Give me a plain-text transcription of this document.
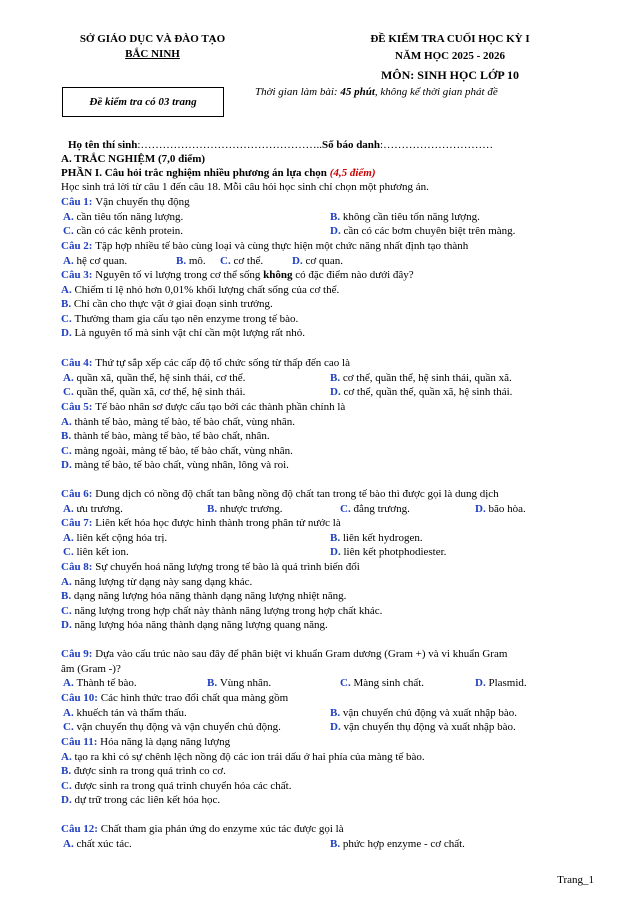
SỞ GIÁO DỤC VÀ ĐÀO TẠO
BẮC NINH
Đề kiểm tra có 03 trang
ĐỀ KIỂM TRA CUỐI HỌC KỲ I
NĂM HỌC 2025 - 2026
MÔN: SINH HỌC LỚP 10
Thời gian làm bài: 45 phút, không kể thời gian phát đề
Họ tên thí sinh:…………………………………………..Số báo danh:…………………………
A. TRẮC NGHIỆM (7,0 điểm)
PHẦN I. Câu hỏi trắc nghiệm nhiều phương án lựa chọn (4,5 điểm)
Học sinh trả lời từ câu 1 đến câu 18. Mỗi câu hỏi học sinh chỉ chọn một phương án.
Câu 1: Vận chuyển thụ động
A. cần tiêu tốn năng lượng.	B. không cần tiêu tốn năng lượng.
C. cần có các kênh protein.	D. cần có các bơm chuyên biệt trên màng.
Câu 2: Tập hợp nhiều tế bào cùng loại và cùng thực hiện một chức năng nhất định tạo thành
A. hệ cơ quan.	B. mô. C. cơ thể.	D. cơ quan.
Câu 3: Nguyên tố vi lượng trong cơ thể sống không có đặc điểm nào dưới đây?
A. Chiếm tỉ lệ nhỏ hơn 0,01% khối lượng chất sống của cơ thể.
B. Chỉ cần cho thực vật ở giai đoạn sinh trưởng.
C. Thường tham gia cấu tạo nên enzyme trong tế bào.
D. Là nguyên tố mà sinh vật chỉ cần một lượng rất nhỏ.
Câu 4: Thứ tự sắp xếp các cấp độ tổ chức sống từ thấp đến cao là
A. quần xã, quần thể, hệ sinh thái, cơ thể.	B. cơ thể, quần thể, hệ sinh thái, quần xã.
C. quần thể, quần xã, cơ thể, hệ sinh thái.	D. cơ thể, quần thể, quần xã, hệ sinh thái.
Câu 5: Tế bào nhân sơ được cấu tạo bởi các thành phần chính là
A. thành tế bào, màng tế bào, tế bào chất, vùng nhân.
B. thành tế bào, màng tế bào, tế bào chất, nhân.
C. màng ngoài, màng tế bào, tế bào chất, vùng nhân.
D. màng tế bào, tế bào chất, vùng nhân, lông và roi.
Câu 6: Dung dịch có nồng độ chất tan bằng nồng độ chất tan trong tế bào thì được gọi là dung dịch
A. ưu trương.	B. nhược trương.	C. đẳng trương.	D. bão hòa.
Câu 7: Liên kết hóa học được hình thành trong phân tử nước là
A. liên kết cộng hóa trị.	B. liên kết hydrogen.
C. liên kết ion.	D. liên kết photphodiester.
Câu 8: Sự chuyển hoá năng lượng trong tế bào là quá trình biến đổi
A. năng lượng từ dạng này sang dạng khác.
B. dạng năng lượng hóa năng thành dạng năng lượng nhiệt năng.
C. năng lượng trong hợp chất này thành năng lượng trong hợp chất khác.
D. năng lượng hóa năng thành dạng năng lượng quang năng.
Câu 9: Dựa vào cấu trúc nào sau đây để phân biệt vi khuẩn Gram dương (Gram +) và vi khuẩn Gram
âm (Gram -)?
A. Thành tế bào.	B. Vùng nhân.	C. Màng sinh chất.	D. Plasmid.
Câu 10: Các hình thức trao đổi chất qua màng gồm
A. khuếch tán và thẩm thấu.	B. vận chuyển chủ động và xuất nhập bào.
C. vận chuyển thụ động và vận chuyển chủ động.	D. vận chuyển thụ động và xuất nhập bào.
Câu 11: Hóa năng là dạng năng lượng
A. tạo ra khi có sự chênh lệch nồng độ các ion trái dấu ở hai phía của màng tế bào.
B. được sinh ra trong quá trình co cơ.
C. được sinh ra trong quá trình chuyển hóa các chất.
D. dự trữ trong các liên kết hóa học.
Câu 12: Chất tham gia phản ứng do enzyme xúc tác được gọi là
A. chất xúc tác.	B. phức hợp enzyme - cơ chất.
Trang_1
